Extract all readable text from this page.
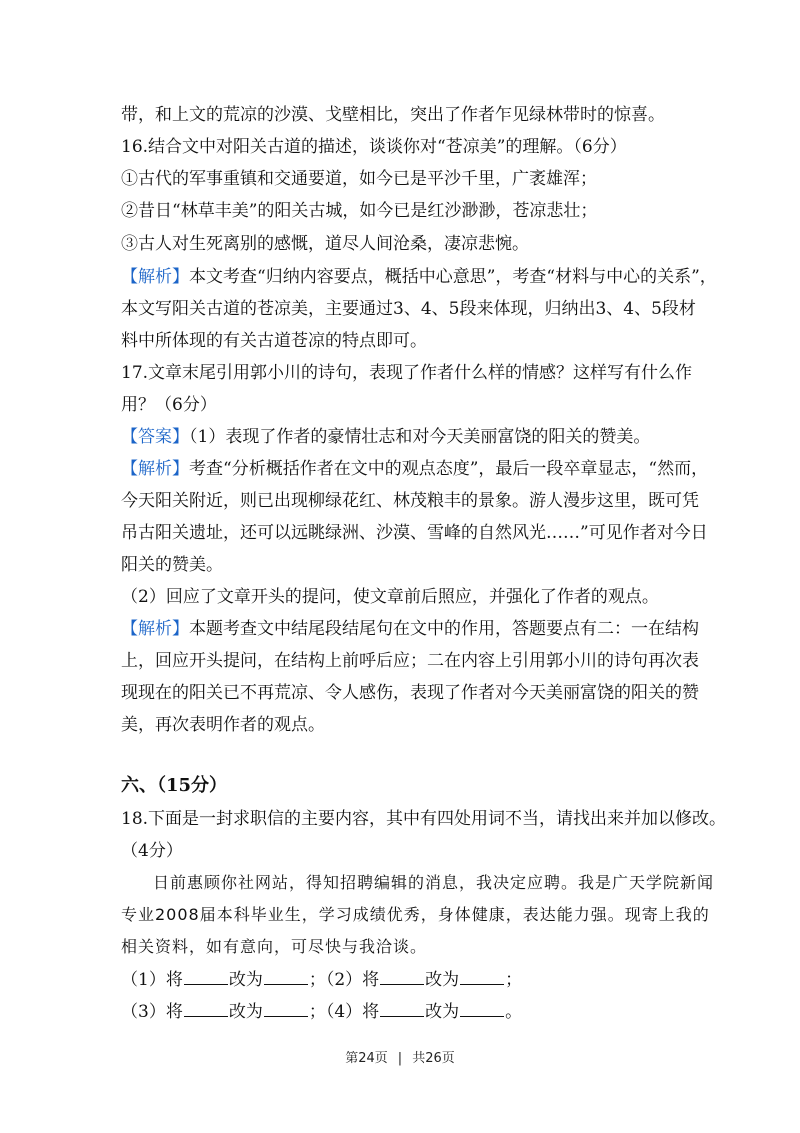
带，和上文的荒凉的沙漠、戈壁相比，突出了作者乍见绿林带时的惊喜。
16.结合文中对阳关古道的描述，谈谈你对“苍凉美”的理解。（6分）
①古代的军事重镇和交通要道，如今已是平沙千里，广袤雄浑；
②昔日“林草丰美”的阳关古城，如今已是红沙渺渺，苍凉悲壮；
③古人对生死离别的感慨，道尽人间沧桑，凄凉悲惋。
【解析】本文考查“归纳内容要点，概括中心意思”，考查“材料与中心的关系”，
本文写阳关古道的苍凉美，主要通过3、4、5段来体现，归纳出3、4、5段材
料中所体现的有关古道苍凉的特点即可。
17.文章末尾引用郭小川的诗句，表现了作者什么样的情感？这样写有什么作
用？（6分）
【答案】（1）表现了作者的豪情壮志和对今天美丽富饶的阳关的赞美。
【解析】考查“分析概括作者在文中的观点态度”，最后一段卒章显志，“然而，
今天阳关附近，则已出现柳绿花红、林茂粮丰的景象。游人漫步这里，既可凭
吊古阳关遗址，还可以远眺绿洲、沙漠、雪峰的自然风光……”可见作者对今日
阳关的赞美。
（2）回应了文章开头的提问，使文章前后照应，并强化了作者的观点。
【解析】本题考查文中结尾段结尾句在文中的作用，答题要点有二：一在结构
上，回应开头提问，在结构上前呼后应；二在内容上引用郭小川的诗句再次表
现现在的阳关已不再荒凉、令人感伤，表现了作者对今天美丽富饶的阳关的赞
美，再次表明作者的观点。
六、（15分）
18.下面是一封求职信的主要内容，其中有四处用词不当，请找出来并加以修改。
（4分）
日前惠顾你社网站，得知招聘编辑的消息，我决定应聘。我是广天学院新闻
专业2008届本科毕业生，学习成绩优秀，身体健康，表达能力强。现寄上我的
相关资料，如有意向，可尽快与我洽谈。
（1）将	改为	；（2）将	改为	；
（3）将	改为	；（4）将	改为	。
第24页 | 共26页
